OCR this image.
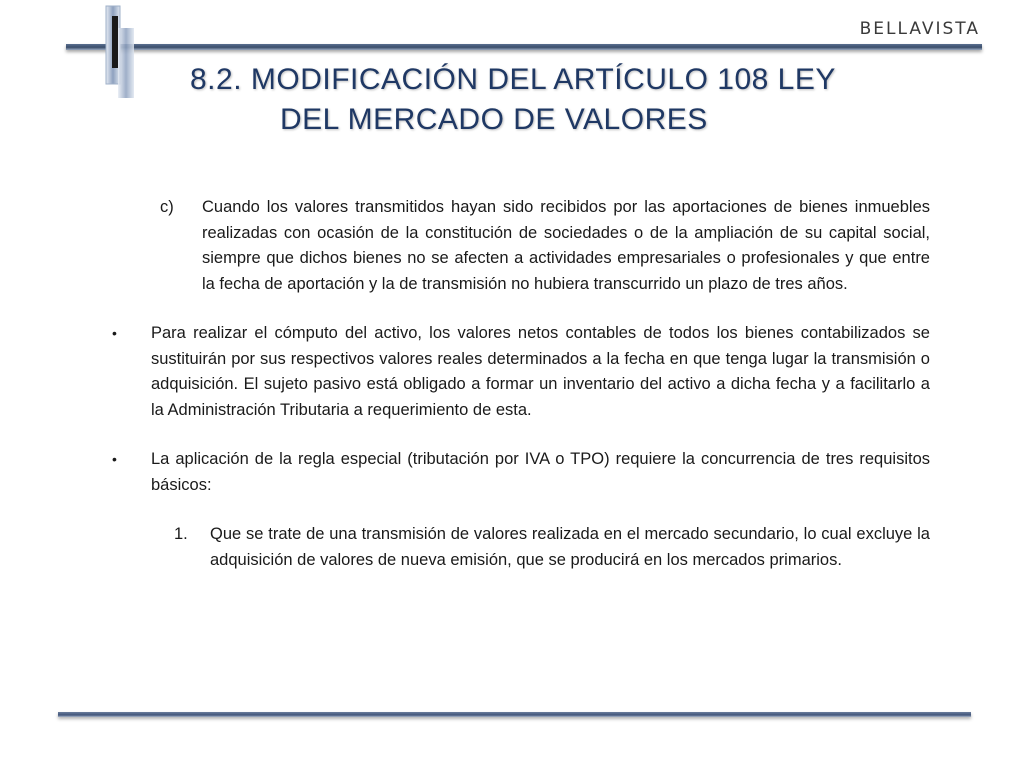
BELLAVISTA
8.2. MODIFICACIÓN DEL ARTÍCULO 108 LEY
DEL MERCADO DE VALORES
c) Cuando los valores transmitidos hayan sido recibidos por las aportaciones de bienes inmuebles realizadas con ocasión de la constitución de sociedades o de la ampliación de su capital social, siempre que dichos bienes no se afecten a actividades empresariales o profesionales y que entre la fecha de aportación y la de transmisión no hubiera transcurrido un plazo de tres años.
• Para realizar el cómputo del activo, los valores netos contables de todos los bienes contabilizados se sustituirán por sus respectivos valores reales determinados a la fecha en que tenga lugar la transmisión o adquisición. El sujeto pasivo está obligado a formar un inventario del activo a dicha fecha y a facilitarlo a la Administración Tributaria a requerimiento de esta.
• La aplicación de la regla especial (tributación por IVA o TPO) requiere la concurrencia de tres requisitos básicos:
1. Que se trate de una transmisión de valores realizada en el mercado secundario, lo cual excluye la adquisición de valores de nueva emisión, que se producirá en los mercados primarios.
